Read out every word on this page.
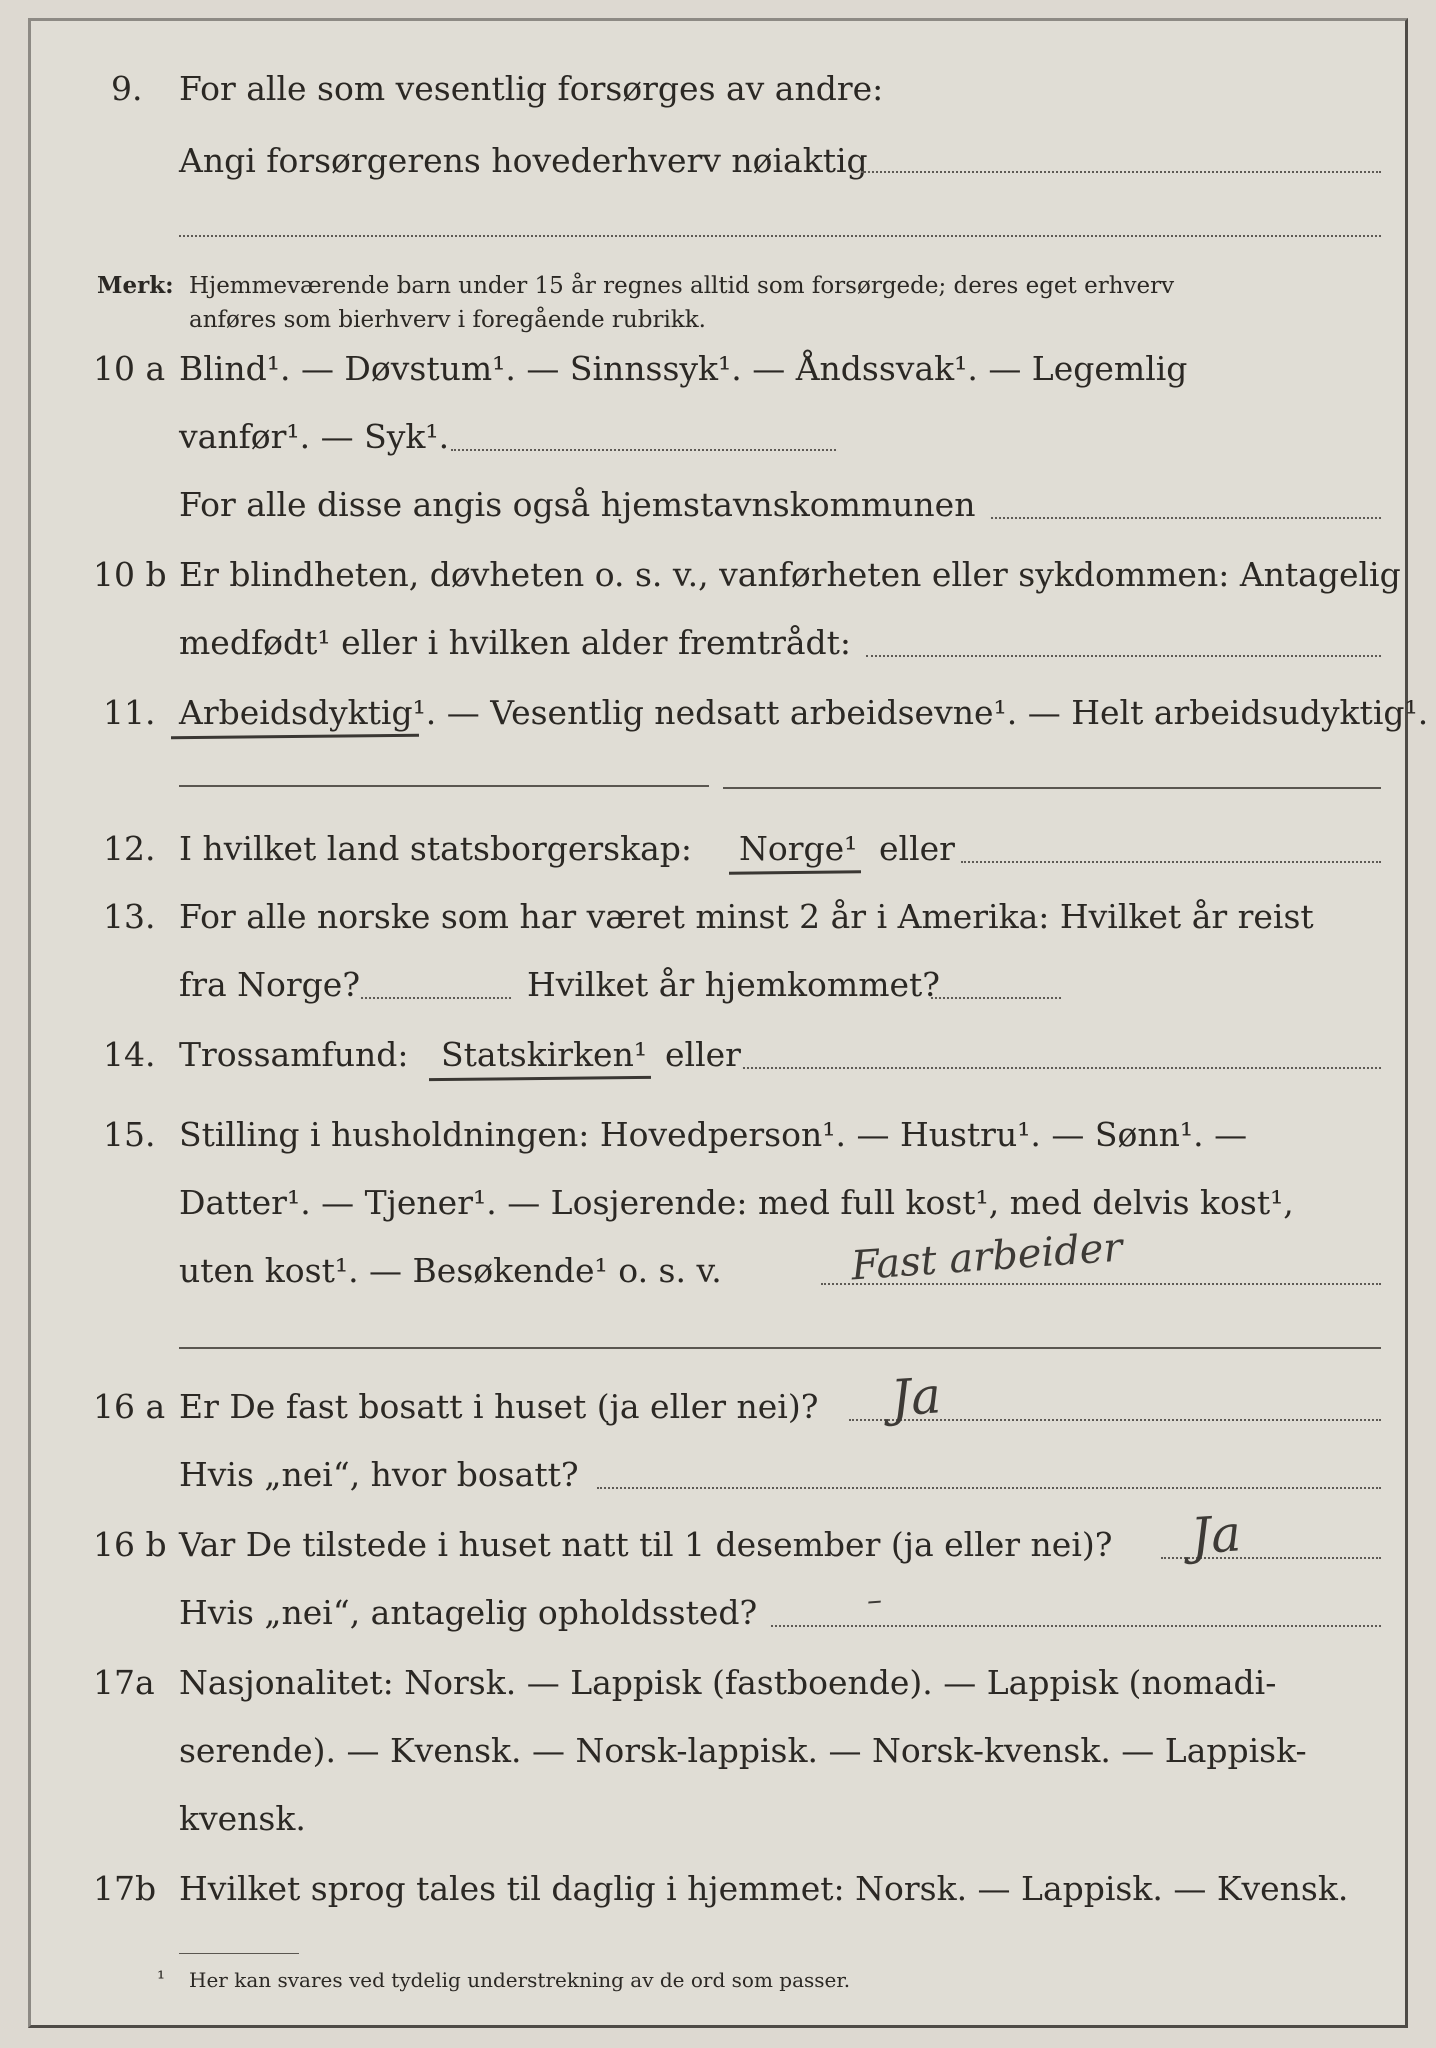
9. For alle som vesentlig forsørges av andre:
Angi forsørgerens hovederhverv nøiaktig
Merk: Hjemmeværende barn under 15 år regnes alltid som forsørgede; deres eget erhverv
anføres som bierhverv i foregående rubrikk.
10 a Blind¹. — Døvstum¹. — Sinnssyk¹. — Åndssvak¹. — Legemlig
vanfør¹. — Syk¹.
For alle disse angis også hjemstavnskommunen
10 b Er blindheten, døvheten o. s. v., vanførheten eller sykdommen: Antagelig
medfødt¹ eller i hvilken alder fremtrådt:
11. Arbeidsdyktig¹. — Vesentlig nedsatt arbeidsevne¹. — Helt arbeidsudyktig¹.
12. I hvilket land statsborgerskap: Norge¹ eller
13. For alle norske som har været minst 2 år i Amerika: Hvilket år reist
fra Norge?	Hvilket år hjemkommet?
14. Trossamfund: Statskirken¹ eller
15. Stilling i husholdningen: Hovedperson¹. — Hustru¹. — Sønn¹. —
Datter¹. — Tjener¹. — Losjerende: med full kost¹, med delvis kost¹,
uten kost¹. — Besøkende¹ o. s. v.	Fast arbeider
16 a Er De fast bosatt i huset (ja eller nei)? Ja
Hvis „nei“, hvor bosatt?
16 b Var De tilstede i huset natt til 1 desember (ja eller nei)? Ja
Hvis „nei“, antagelig opholdssted?	–
17a Nasjonalitet: Norsk. — Lappisk (fastboende). — Lappisk (nomadi-
serende). — Kvensk. — Norsk-lappisk. — Norsk-kvensk. — Lappisk-
kvensk.
17b Hvilket sprog tales til daglig i hjemmet: Norsk. — Lappisk. — Kvensk.
¹ Her kan svares ved tydelig understrekning av de ord som passer.
